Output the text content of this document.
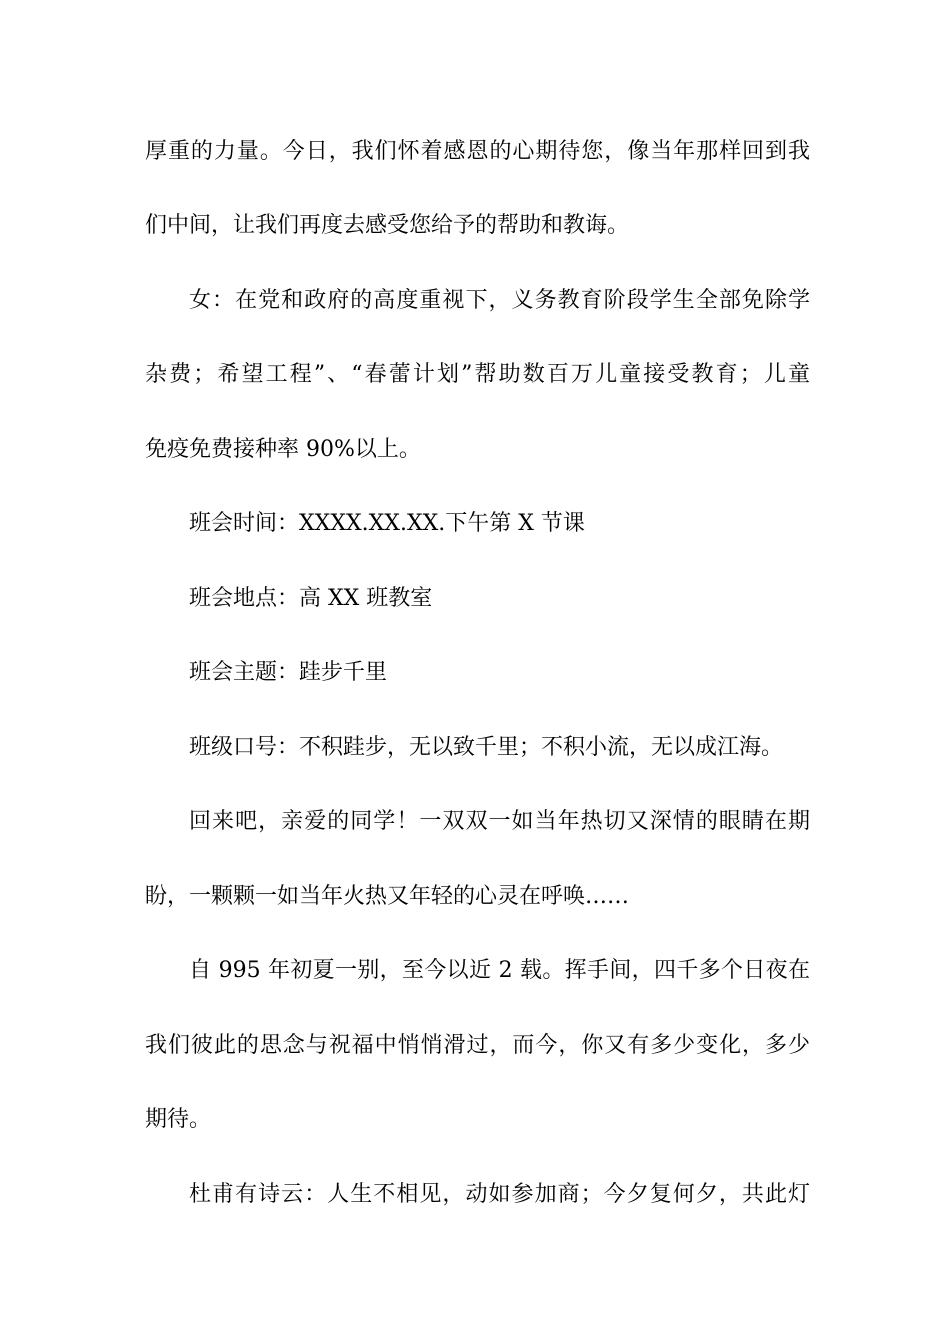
厚重的力量。今日，我们怀着感恩的心期待您，像当年那样回到我
们中间，让我们再度去感受您给予的帮助和教诲。
女：在党和政府的高度重视下，义务教育阶段学生全部免除学
杂费；希望工程”、“春蕾计划”帮助数百万儿童接受教育；儿童
免疫免费接种率 90%以上。
班会时间：XXXX.XX.XX.下午第 X 节课
班会地点：高 XX 班教室
班会主题：跬步千里
班级口号：不积跬步，无以致千里；不积小流，无以成江海。
回来吧，亲爱的同学！一双双一如当年热切又深情的眼睛在期
盼，一颗颗一如当年火热又年轻的心灵在呼唤……
自 995 年初夏一别，至今以近 2 载。挥手间，四千多个日夜在
我们彼此的思念与祝福中悄悄滑过，而今，你又有多少变化，多少
期待。
杜甫有诗云：人生不相见，动如参加商；今夕复何夕，共此灯
